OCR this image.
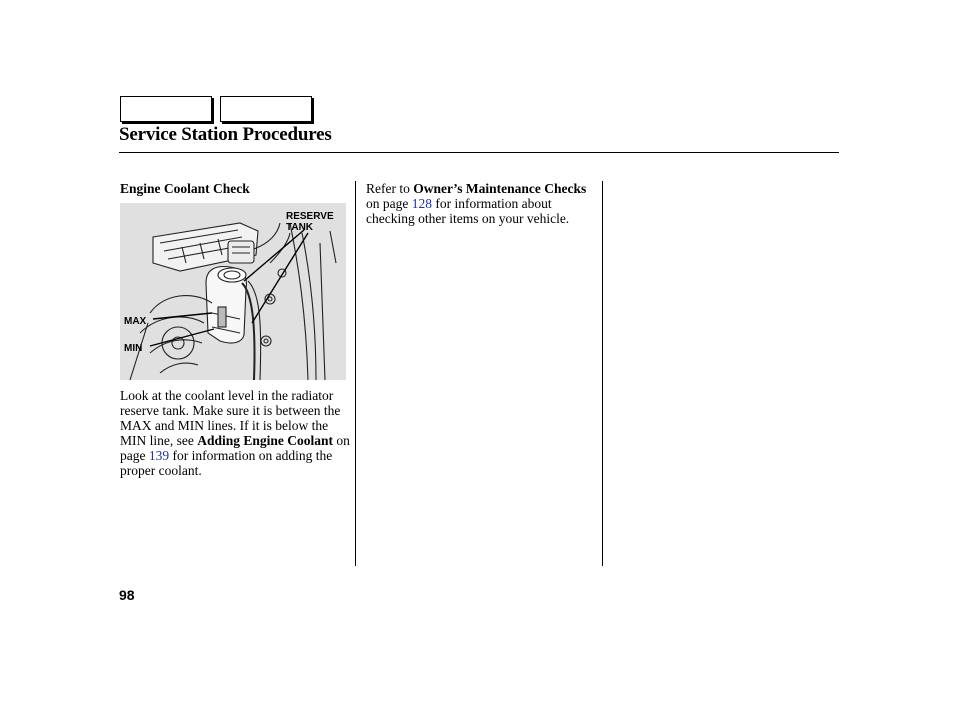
Service Station Procedures
Engine Coolant Check
RESERVE
TANK
MAX
MIN
Look at the coolant level in the radiator reserve tank. Make sure it is between the MAX and MIN lines. If it is below the MIN line, see Adding Engine Coolant on page 139 for information on adding the proper coolant.
Refer to Owner’s Maintenance Checks on page 128 for information about checking other items on your vehicle.
98
